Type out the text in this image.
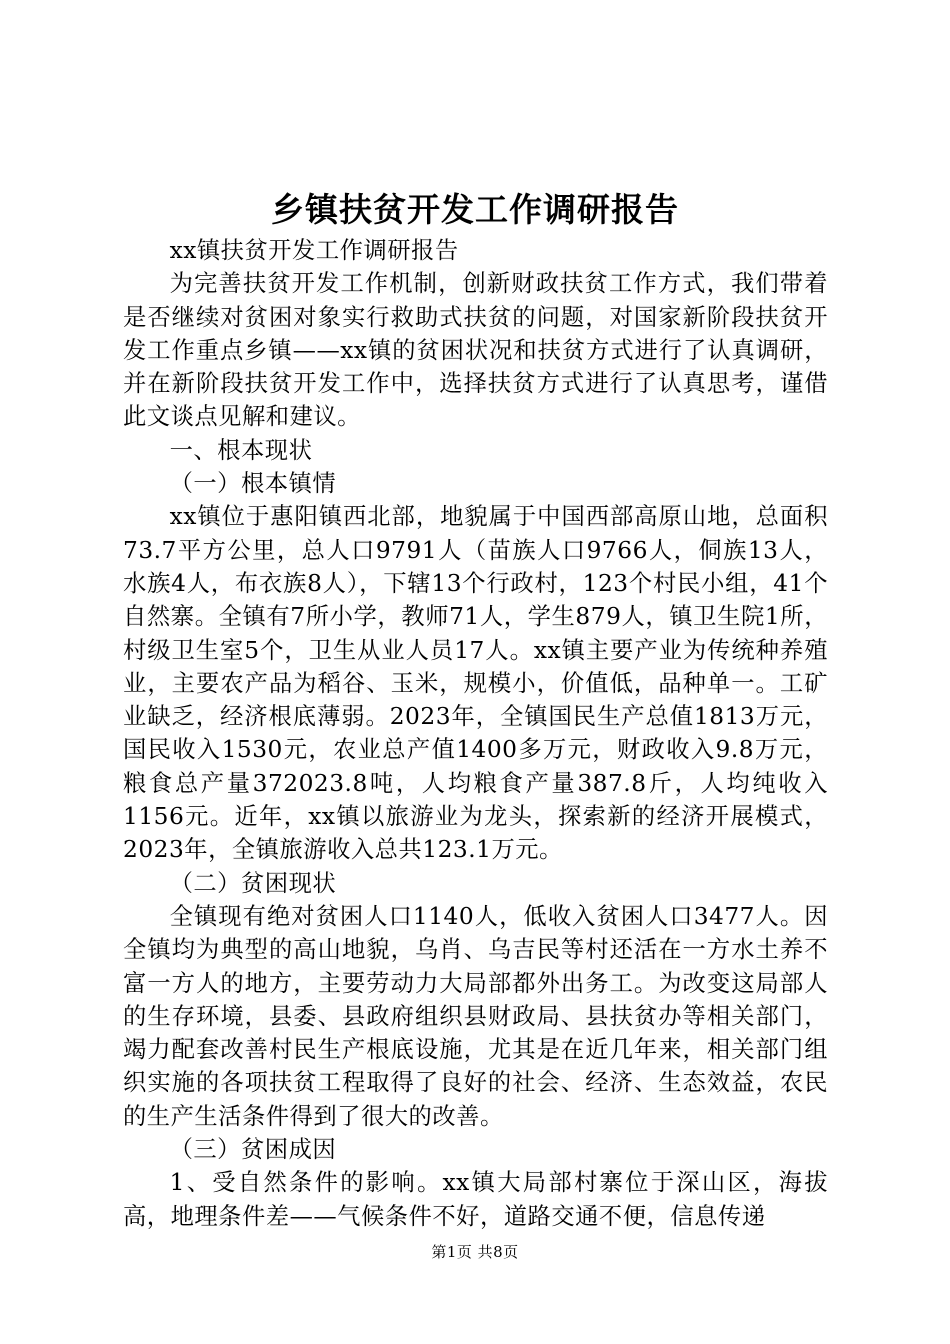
乡镇扶贫开发工作调研报告

xx镇扶贫开发工作调研报告

为完善扶贫开发工作机制，创新财政扶贫工作方式，我们带着是否继续对贫困对象实行救助式扶贫的问题，对国家新阶段扶贫开发工作重点乡镇——xx镇的贫困状况和扶贫方式进行了认真调研，并在新阶段扶贫开发工作中，选择扶贫方式进行了认真思考，谨借此文谈点见解和建议。

一、根本现状

（一）根本镇情

xx镇位于惠阳镇西北部，地貌属于中国西部高原山地，总面积73.7平方公里，总人口9791人（苗族人口9766人，侗族13人，水族4人，布衣族8人），下辖13个行政村，123个村民小组，41个自然寨。全镇有7所小学，教师71人，学生879人，镇卫生院1所，村级卫生室5个，卫生从业人员17人。xx镇主要产业为传统种养殖业，主要农产品为稻谷、玉米，规模小，价值低，品种单一。工矿业缺乏，经济根底薄弱。2023年，全镇国民生产总值1813万元，国民收入1530元，农业总产值1400多万元，财政收入9.8万元，粮食总产量372023.8吨，人均粮食产量387.8斤，人均纯收入1156元。近年，xx镇以旅游业为龙头，探索新的经济开展模式，2023年，全镇旅游收入总共123.1万元。

（二）贫困现状

全镇现有绝对贫困人口1140人，低收入贫困人口3477人。因全镇均为典型的高山地貌，乌肖、乌吉民等村还活在一方水土养不富一方人的地方，主要劳动力大局部都外出务工。为改变这局部人的生存环境，县委、县政府组织县财政局、县扶贫办等相关部门，竭力配套改善村民生产根底设施，尤其是在近几年来，相关部门组织实施的各项扶贫工程取得了良好的社会、经济、生态效益，农民的生产生活条件得到了很大的改善。

（三）贫困成因

1、受自然条件的影响。xx镇大局部村寨位于深山区，海拔高，地理条件差——气候条件不好，道路交通不便，信息传递

第1页 共8页
